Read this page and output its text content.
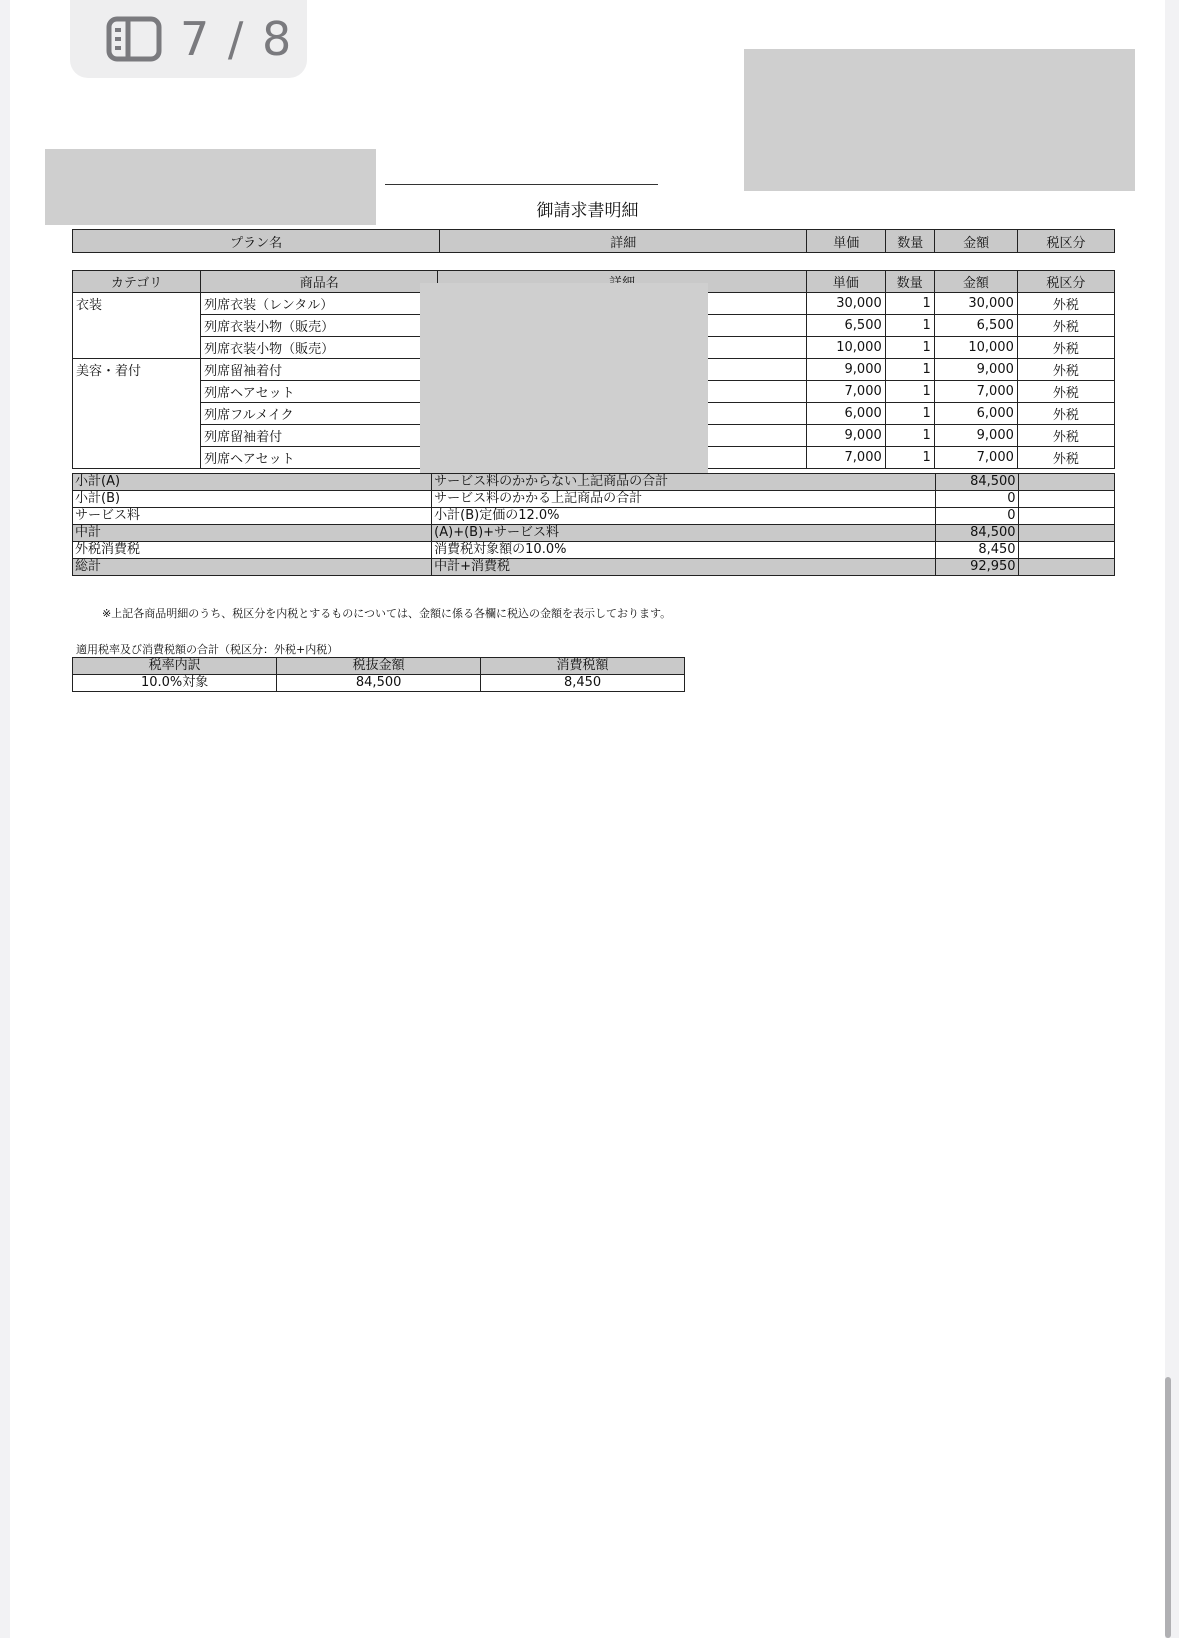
7 / 8
御請求書明細
プラン名	詳細	単価	数量	金額	税区分
カテゴリ	商品名		単価	数量	金額	税区分
衣装	列席衣装（レンタル）		30,000	1	30,000	外税
	列席衣装小物（販売）		6,500	1	6,500	外税
	列席衣装小物（販売）		10,000	1	10,000	外税
美容・着付	列席留袖着付		9,000	1	9,000	外税
	列席ヘアセット		7,000	1	7,000	外税
	列席フルメイク		6,000	1	6,000	外税
	列席留袖着付		9,000	1	9,000	外税
	列席ヘアセット		7,000	1	7,000	外税
小計(A)	サービス料のかからない上記商品の合計	84,500	
小計(B)	サービス料のかかる上記商品の合計	0	
サービス料	小計(B)定価の12.0%	0	
中計	(A)+(B)+サービス料	84,500	
外税消費税	消費税対象額の10.0%	8,450	
総計	中計+消費税	92,950	
※上記各商品明細のうち、税区分を内税とするものについては、金額に係る各欄に税込の金額を表示しております。
適用税率及び消費税額の合計（税区分：外税+内税）
税率内訳	税抜金額	消費税額
10.0%対象	84,500	8,450
